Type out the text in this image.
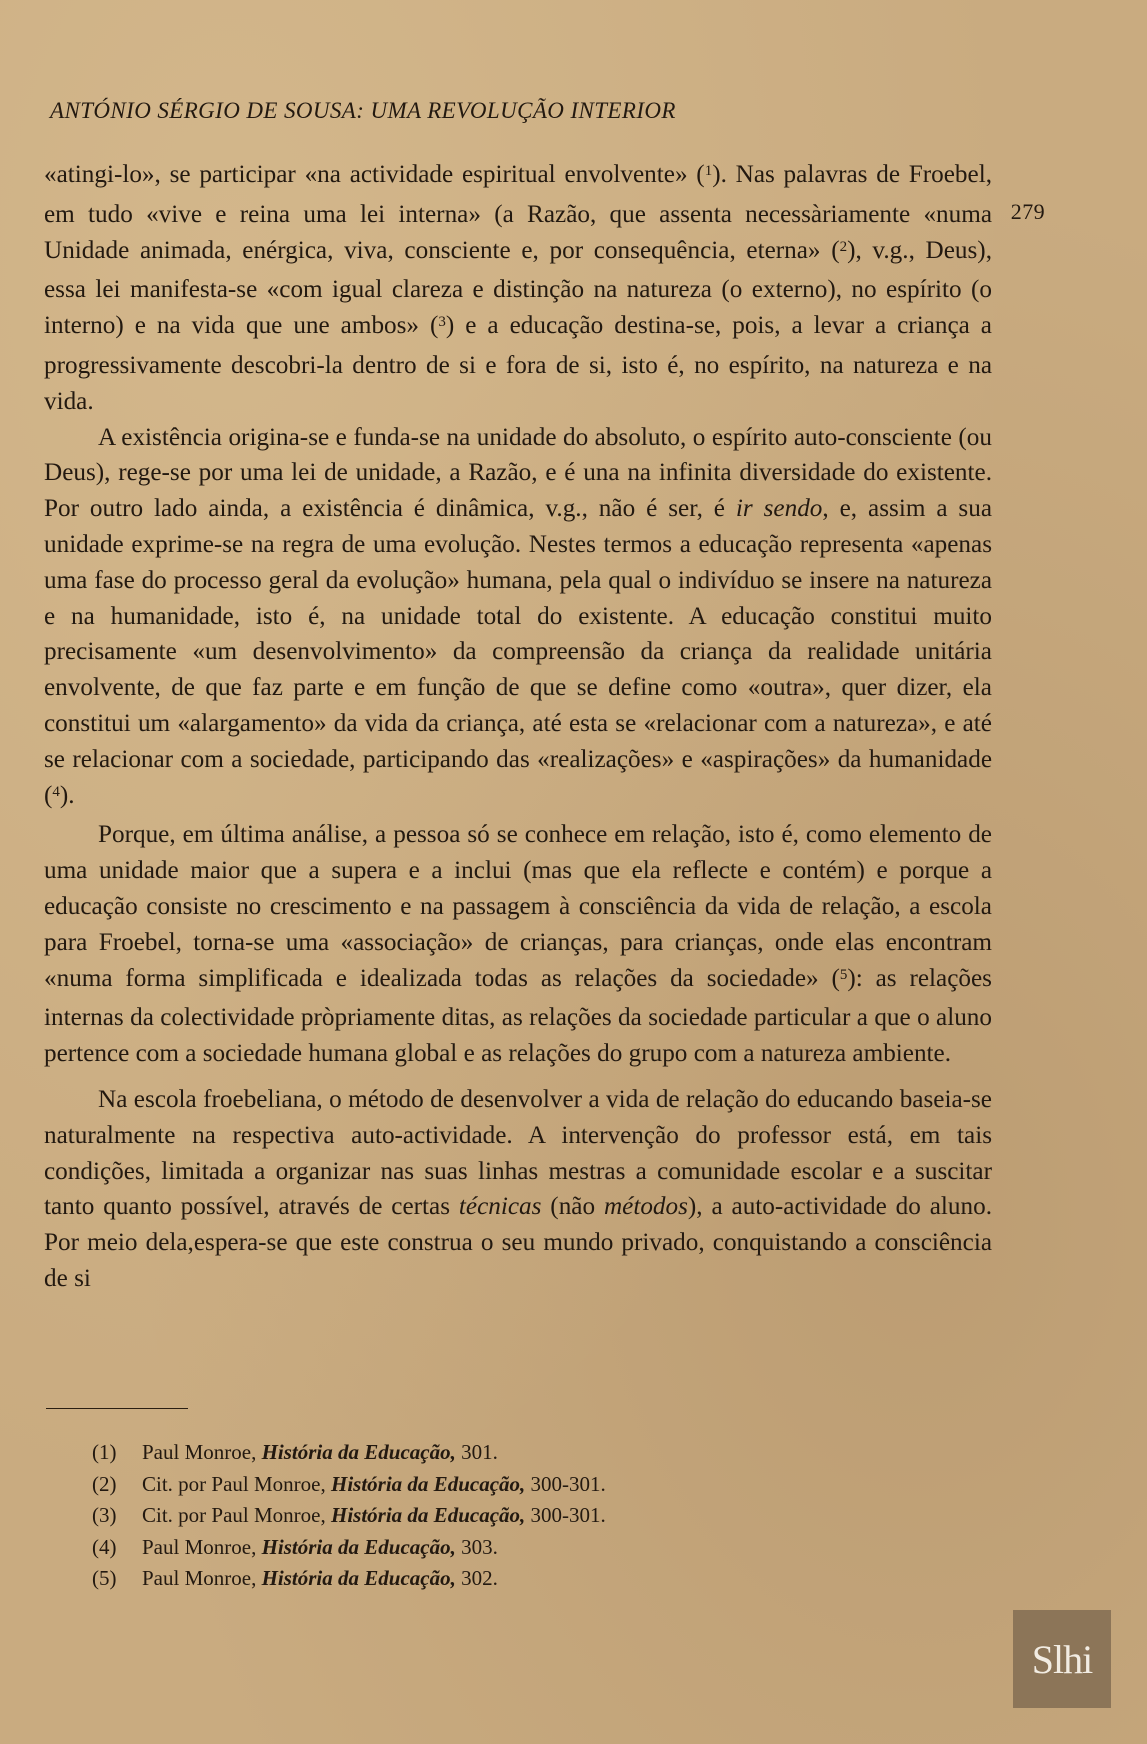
ANTÓNIO SÉRGIO DE SOUSA: UMA REVOLUÇÃO INTERIOR
279

«atingi-lo», se participar «na actividade espiritual envolvente» ($^1$). Nas palavras de Froebel, em tudo «vive e reina uma lei interna» (a Razão, que assenta necessàriamente «numa Unidade animada, enérgica, viva, consciente e, por consequência, eterna» ($^2$), v.g., Deus), essa lei manifesta-se «com igual clareza e distinção na natureza (o externo), no espírito (o interno) e na vida que une ambos» ($^3$) e a educação destina-se, pois, a levar a criança a progressivamente descobri-la dentro de si e fora de si, isto é, no espírito, na natureza e na vida.

A existência origina-se e funda-se na unidade do absoluto, o espírito auto-consciente (ou Deus), rege-se por uma lei de unidade, a Razão, e é una na infinita diversidade do existente. Por outro lado ainda, a existência é dinâmica, v.g., não é ser, é ir sendo, e, assim a sua unidade exprime-se na regra de uma evolução. Nestes termos a educação representa «apenas uma fase do processo geral da evolução» humana, pela qual o indivíduo se insere na natureza e na humanidade, isto é, na unidade total do existente. A educação constitui muito precisamente «um desenvolvimento» da compreensão da criança da realidade unitária envolvente, de que faz parte e em função de que se define como «outra», quer dizer, ela constitui um «alargamento» da vida da criança, até esta se «relacionar com a natureza», e até se relacionar com a sociedade, participando das «realizações» e «aspirações» da humanidade ($^4$).

Porque, em última análise, a pessoa só se conhece em relação, isto é, como elemento de uma unidade maior que a supera e a inclui (mas que ela reflecte e contém) e porque a educação consiste no crescimento e na passagem à consciência da vida de relação, a escola para Froebel, torna-se uma «associação» de crianças, para crianças, onde elas encontram «numa forma simplificada e idealizada todas as relações da sociedade» ($^5$): as relações internas da colectividade pròpriamente ditas, as relações da sociedade particular a que o aluno pertence com a sociedade humana global e as relações do grupo com a natureza ambiente.

Na escola froebeliana, o método de desenvolver a vida de relação do educando baseia-se naturalmente na respectiva auto-actividade. A intervenção do professor está, em tais condições, limitada a organizar nas suas linhas mestras a comunidade escolar e a suscitar tanto quanto possível, através de certas técnicas (não métodos), a auto-actividade do aluno. Por meio dela,espera-se que este construa o seu mundo privado, conquistando a consciência de si

(1)	Paul Monroe, História da Educação, 301.
(2)	Cit. por Paul Monroe, História da Educação, 300-301.
(3)	Cit. por Paul Monroe, História da Educação, 300-301.
(4)	Paul Monroe, História da Educação, 303.
(5)	Paul Monroe, História da Educação, 302.
Slhi
